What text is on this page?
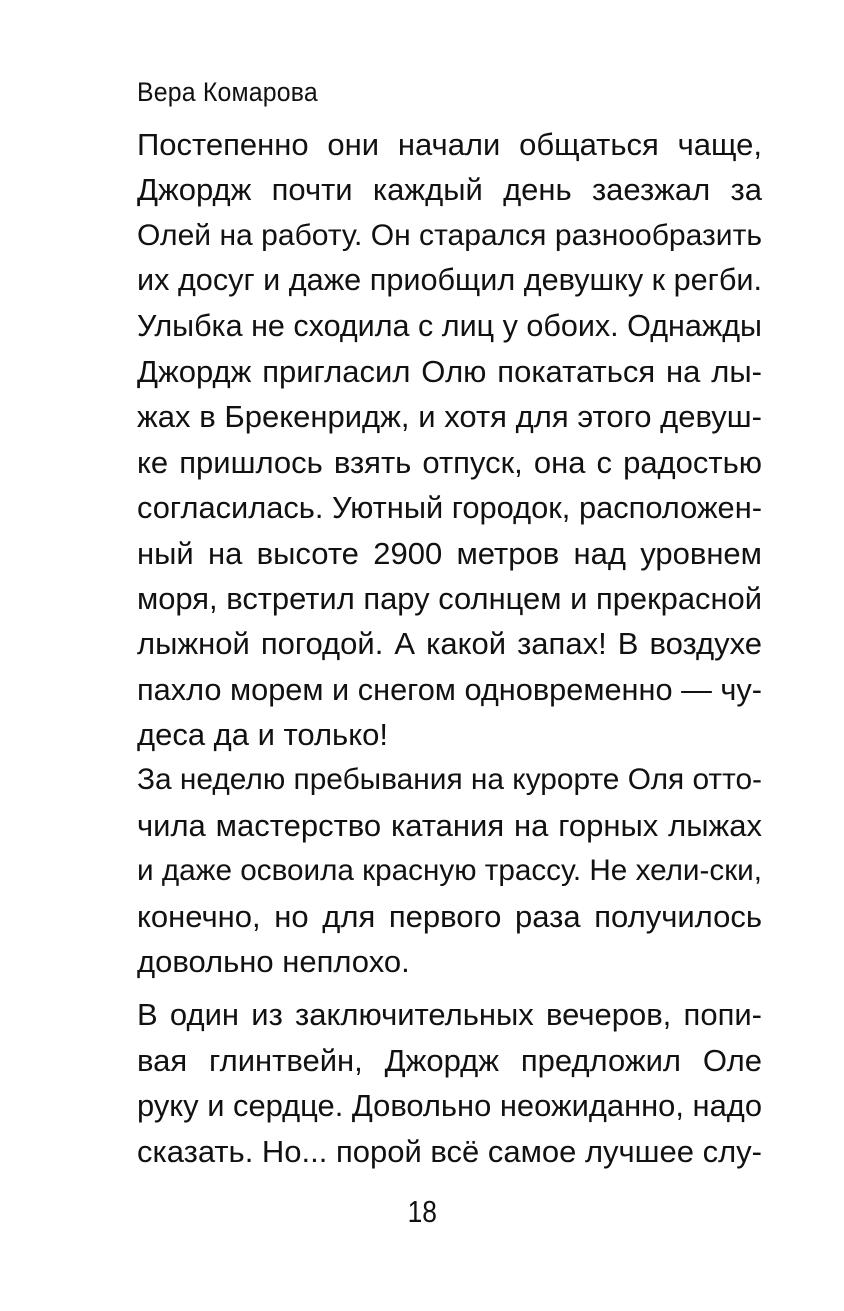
Вера Комарова
Постепенно они начали общаться чаще,
Джордж почти каждый день заезжал за
Олей на работу. Он старался разнообразить
их досуг и даже приобщил девушку к регби.
Улыбка не сходила с лиц у обоих. Однажды
Джордж пригласил Олю покататься на лы-
жах в Брекенридж, и хотя для этого девуш-
ке пришлось взять отпуск, она с радостью
согласилась. Уютный городок, расположен-
ный на высоте 2900 метров над уровнем
моря, встретил пару солнцем и прекрасной
лыжной погодой. А какой запах! В воздухе
пахло морем и снегом одновременно — чу-
деса да и только!
За неделю пребывания на курорте Оля отто-
чила мастерство катания на горных лыжах
и даже освоила красную трассу. Не хели-ски,
конечно, но для первого раза получилось
довольно неплохо.
В один из заключительных вечеров, попи-
вая глинтвейн, Джордж предложил Оле
руку и сердце. Довольно неожиданно, надо
сказать. Но... порой всё самое лучшее слу-
18
